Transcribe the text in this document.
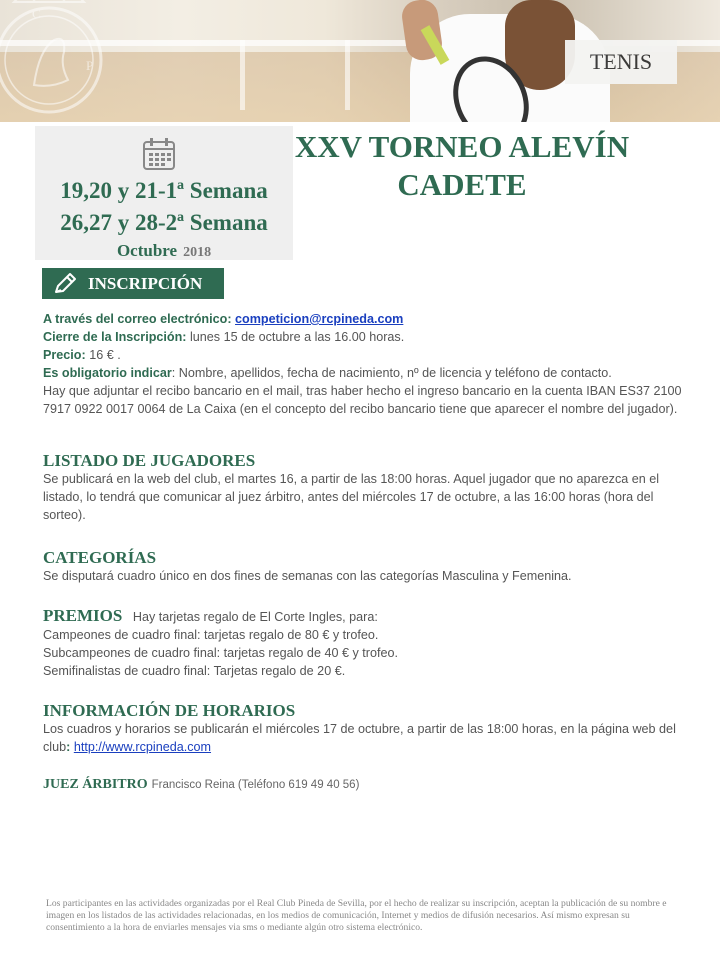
C
P	TENIS
19,20 y 21-1ª Semana
26,27 y 28-2ª Semana
Octubre 2018
XXV TORNEO ALEVÍN
CADETE
INSCRIPCIÓN
A través del correo electrónico: competicion@rcpineda.com
Cierre de la Inscripción: lunes 15 de octubre a las 16.00 horas.
Precio: 16 € .
Es obligatorio indicar: Nombre, apellidos, fecha de nacimiento, nº de licencia y teléfono de contacto.
Hay que adjuntar el recibo bancario en el mail, tras haber hecho el ingreso bancario en la cuenta IBAN ES37 2100 7917 0922 0017 0064 de La Caixa (en el concepto del recibo bancario tiene que aparecer el nombre del jugador).
LISTADO DE JUGADORES
Se publicará en la web del club, el martes 16, a partir de las 18:00 horas. Aquel jugador que no aparezca en el listado, lo tendrá que comunicar al juez árbitro, antes del miércoles 17 de octubre, a las 16:00 horas (hora del sorteo).
CATEGORÍAS
Se disputará cuadro único en dos fines de semanas con las categorías Masculina y Femenina.
PREMIOS Hay tarjetas regalo de El Corte Ingles, para:
Campeones de cuadro final: tarjetas regalo de 80 € y trofeo.
Subcampeones de cuadro final: tarjetas regalo de 40 € y trofeo.
Semifinalistas de cuadro final: Tarjetas regalo de 20 €.
INFORMACIÓN DE HORARIOS
Los cuadros y horarios se publicarán el miércoles 17 de octubre, a partir de las 18:00 horas, en la página web del club: http://www.rcpineda.com
JUEZ ÁRBITRO Francisco Reina (Teléfono 619 49 40 56)
Los participantes en las actividades organizadas por el Real Club Pineda de Sevilla, por el hecho de realizar su inscripción, aceptan la publicación de su nombre e imagen en los listados de las actividades relacionadas, en los medios de comunicación, Internet y medios de difusión necesarios. Así mismo expresan su consentimiento a la hora de enviarles mensajes via sms o mediante algún otro sistema electrónico.
